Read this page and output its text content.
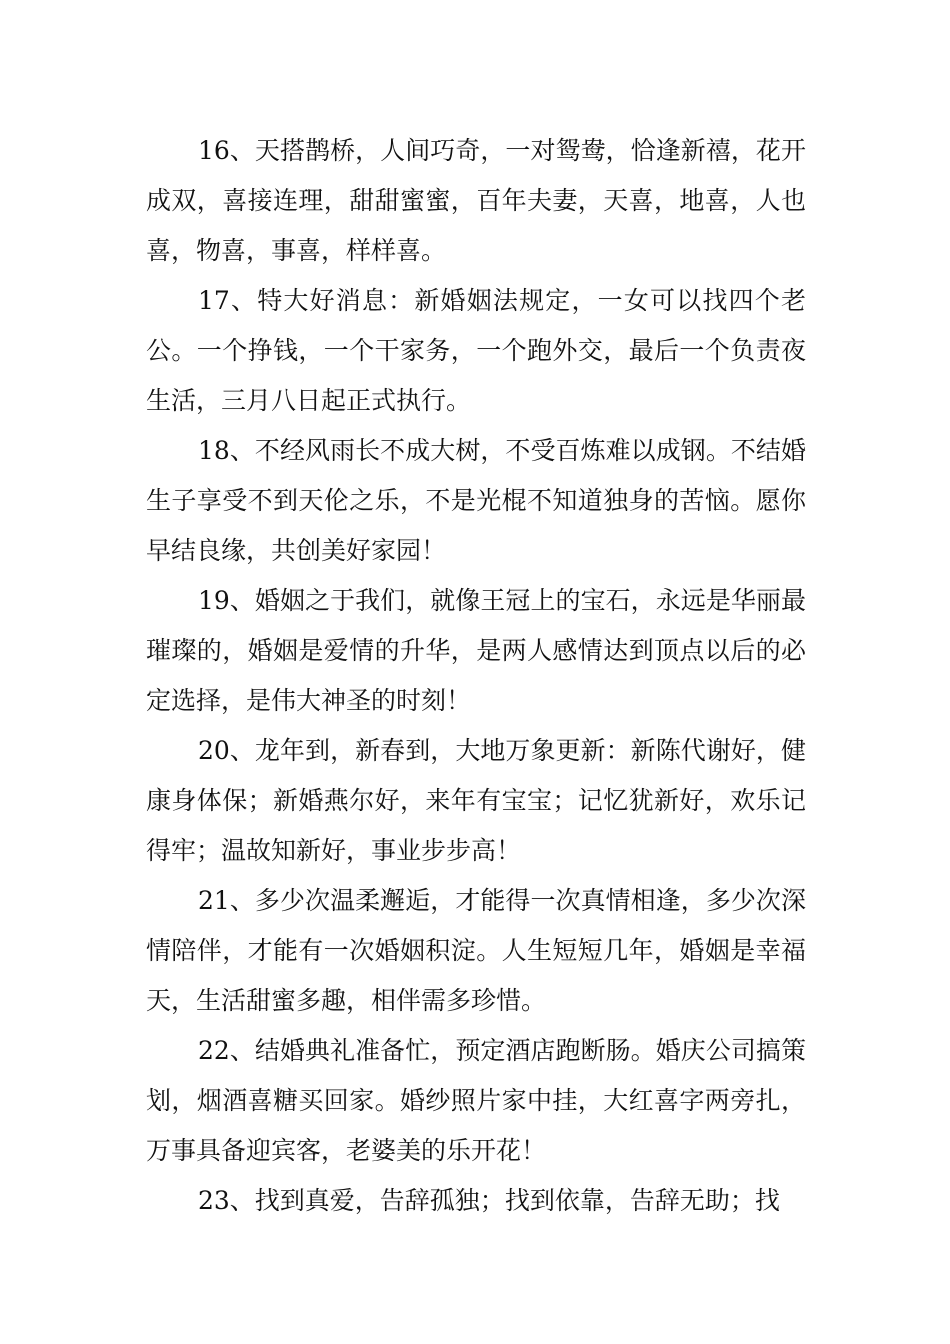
16、天搭鹊桥，人间巧奇，一对鸳鸯，恰逢新禧，花开成双，喜接连理，甜甜蜜蜜，百年夫妻，天喜，地喜，人也喜，物喜，事喜，样样喜。

17、特大好消息：新婚姻法规定，一女可以找四个老公。一个挣钱，一个干家务，一个跑外交，最后一个负责夜生活，三月八日起正式执行。

18、不经风雨长不成大树，不受百炼难以成钢。不结婚生子享受不到天伦之乐，不是光棍不知道独身的苦恼。愿你早结良缘，共创美好家园！

19、婚姻之于我们，就像王冠上的宝石，永远是华丽最璀璨的，婚姻是爱情的升华，是两人感情达到顶点以后的必定选择，是伟大神圣的时刻！

20、龙年到，新春到，大地万象更新：新陈代谢好，健康身体保；新婚燕尔好，来年有宝宝；记忆犹新好，欢乐记得牢；温故知新好，事业步步高！

21、多少次温柔邂逅，才能得一次真情相逢，多少次深情陪伴，才能有一次婚姻积淀。人生短短几年，婚姻是幸福天，生活甜蜜多趣，相伴需多珍惜。

22、结婚典礼准备忙，预定酒店跑断肠。婚庆公司搞策划，烟酒喜糖买回家。婚纱照片家中挂，大红喜字两旁扎，万事具备迎宾客，老婆美的乐开花！

23、找到真爱，告辞孤独；找到依靠，告辞无助；找
